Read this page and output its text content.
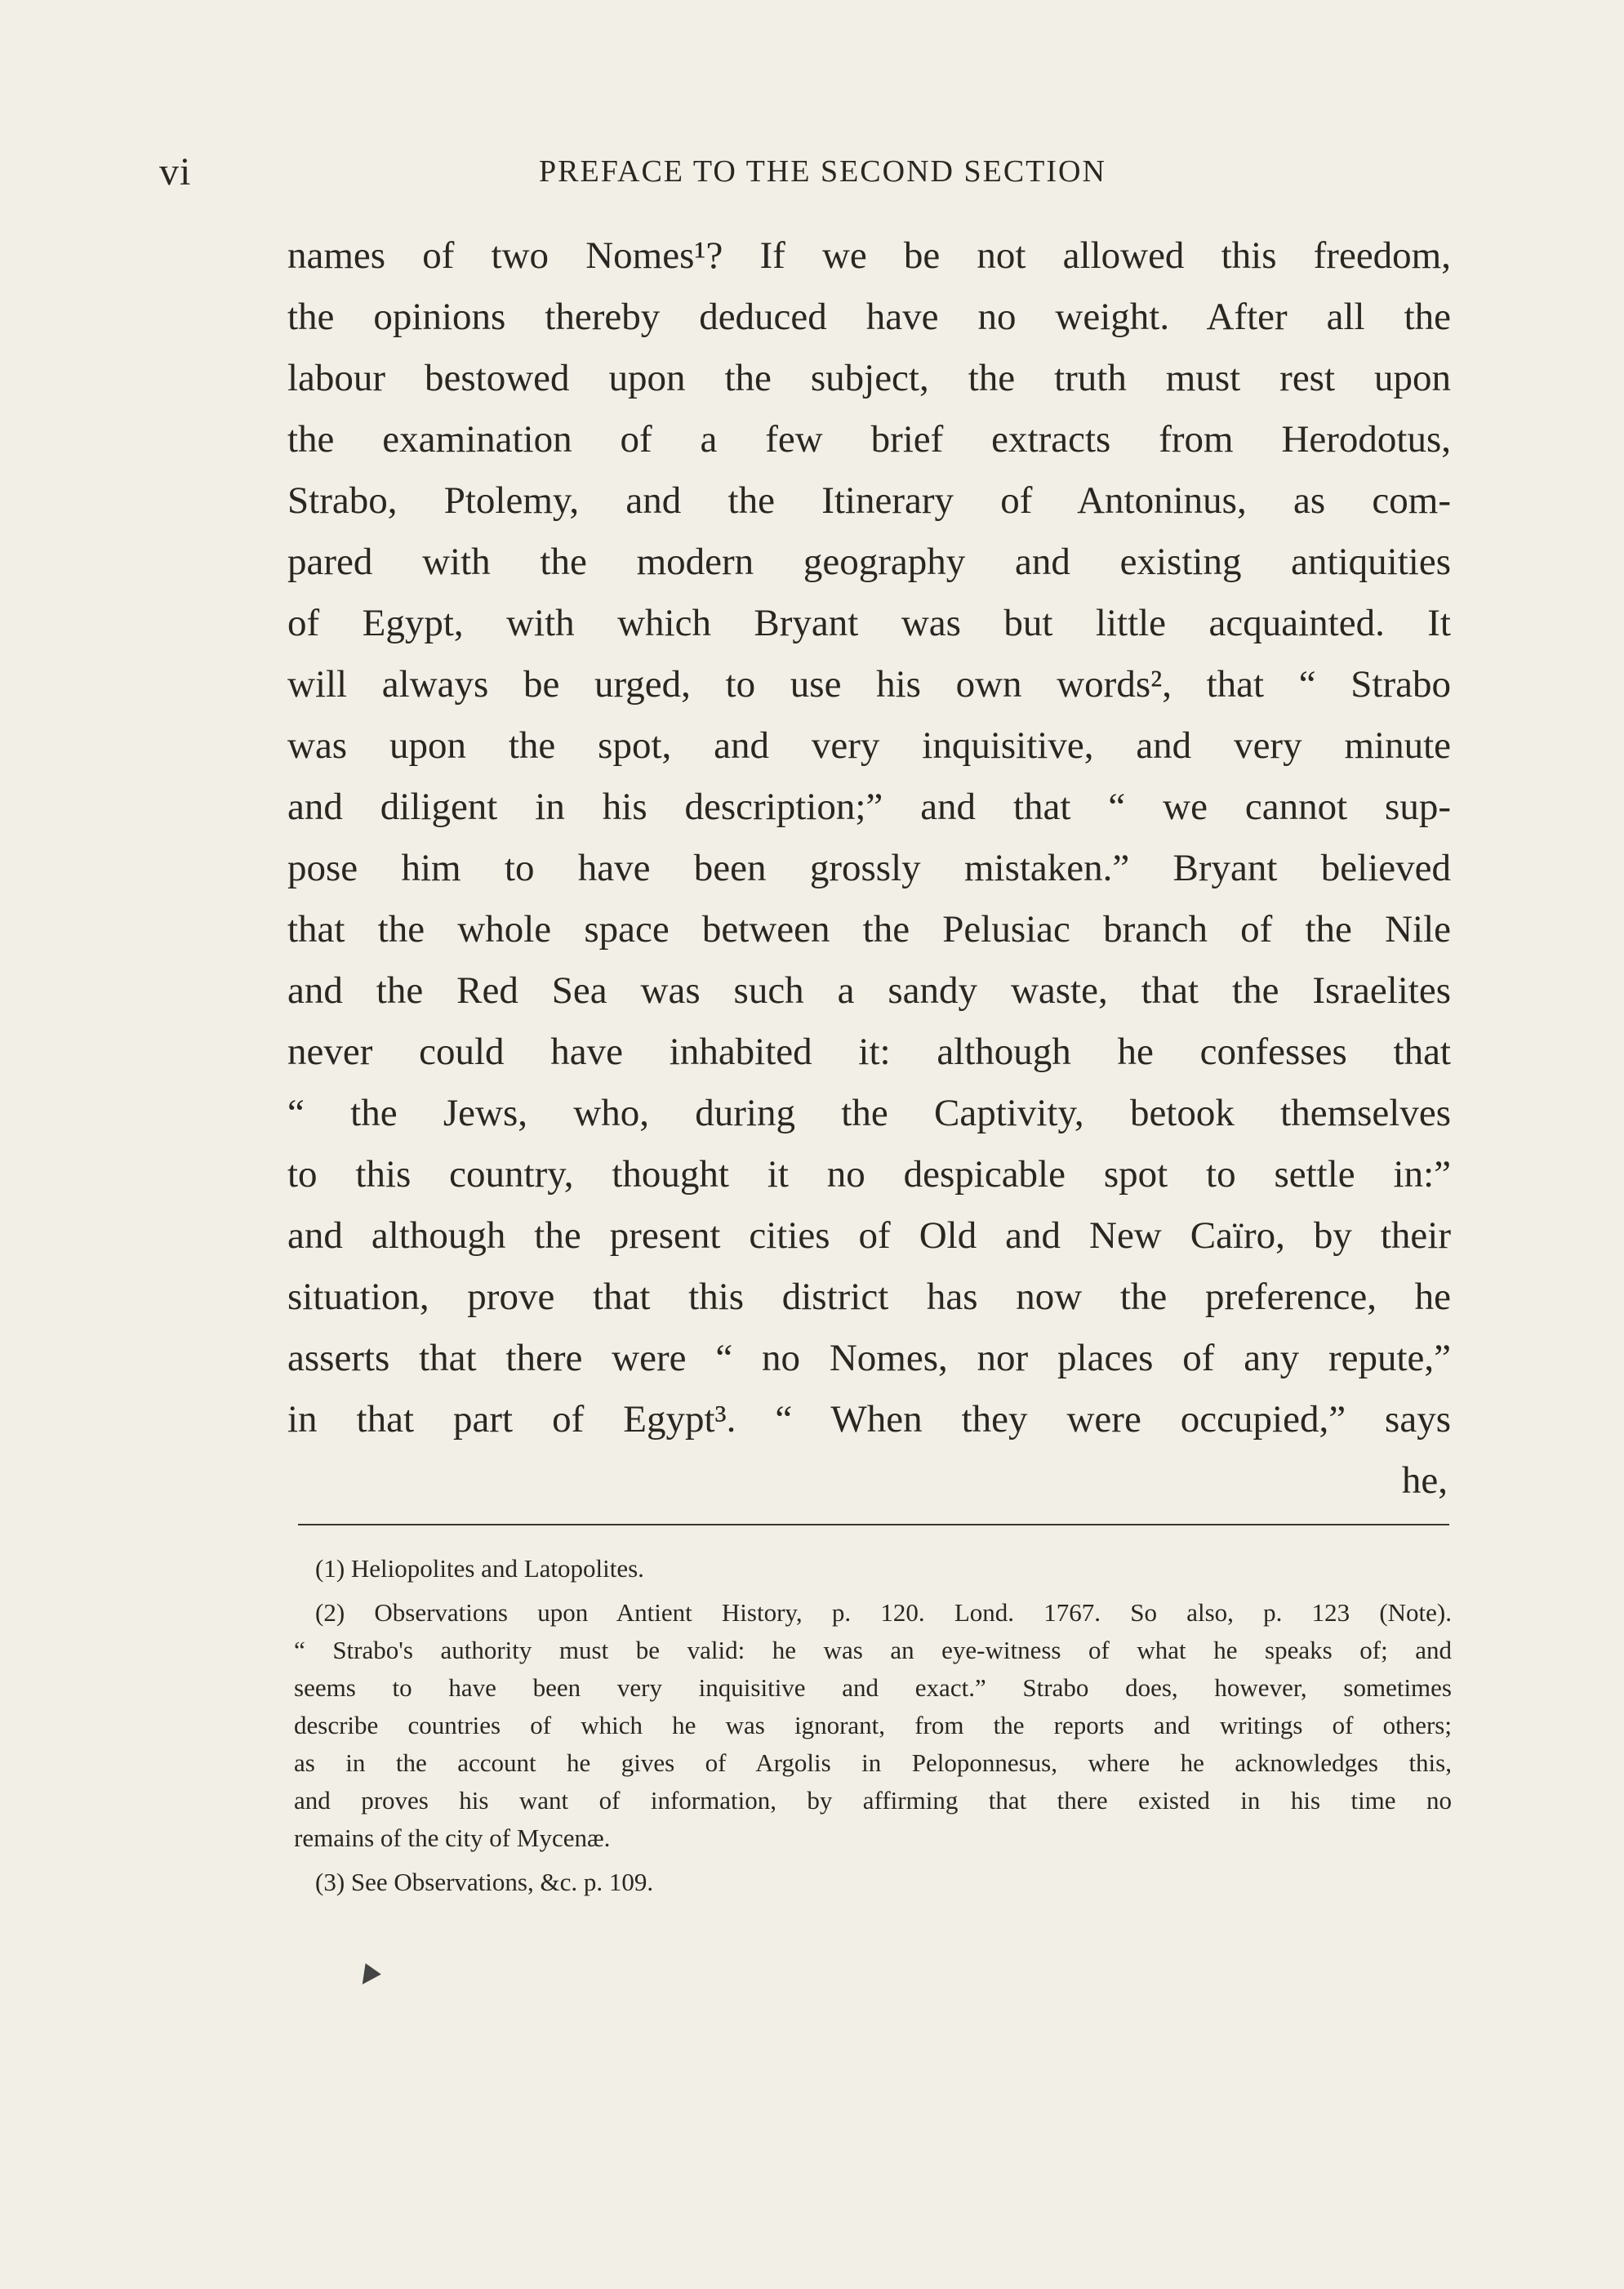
vi	PREFACE TO THE SECOND SECTION
names of two Nomes¹? If we be not allowed this freedom,
the opinions thereby deduced have no weight. After all the
labour bestowed upon the subject, the truth must rest upon
the examination of a few brief extracts from Herodotus,
Strabo, Ptolemy, and the Itinerary of Antoninus, as com-
pared with the modern geography and existing antiquities
of Egypt, with which Bryant was but little acquainted. It
will always be urged, to use his own words², that “ Strabo
was upon the spot, and very inquisitive, and very minute
and diligent in his description;” and that “ we cannot sup-
pose him to have been grossly mistaken.” Bryant believed
that the whole space between the Pelusiac branch of the Nile
and the Red Sea was such a sandy waste, that the Israelites
never could have inhabited it: although he confesses that
“ the Jews, who, during the Captivity, betook themselves
to this country, thought it no despicable spot to settle in:”
and although the present cities of Old and New Caïro, by their
situation, prove that this district has now the preference, he
asserts that there were “ no Nomes, nor places of any repute,”
in that part of Egypt³. “ When they were occupied,” says
he,
(1) Heliopolites and Latopolites.
(2) Observations upon Antient History, p. 120. Lond. 1767. So also, p. 123 (Note).
“ Strabo's authority must be valid: he was an eye-witness of what he speaks of; and
seems to have been very inquisitive and exact.” Strabo does, however, sometimes
describe countries of which he was ignorant, from the reports and writings of others;
as in the account he gives of Argolis in Peloponnesus, where he acknowledges this,
and proves his want of information, by affirming that there existed in his time no
remains of the city of Mycenæ.
(3) See Observations, &c. p. 109.
▼
